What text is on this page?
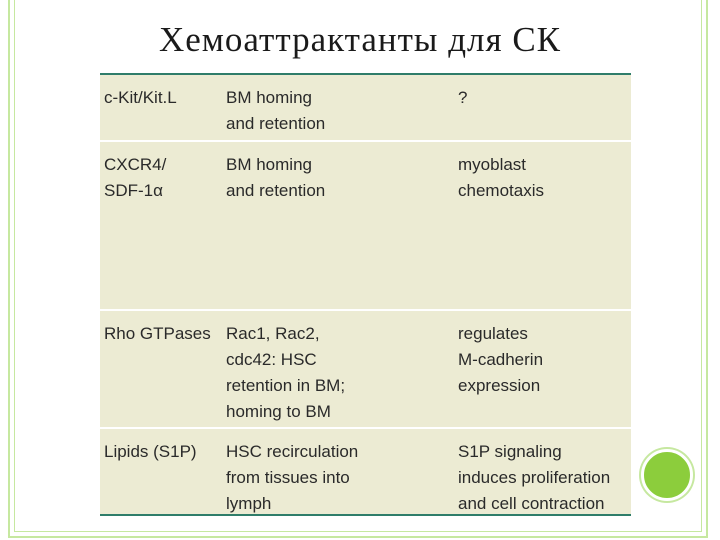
Хемоаттрактанты для СК
c-Kit/Kit.L	BM homing
and retention
?
CXCR4/
SDF-1α
BM homing
and retention
myoblast
chemotaxis
Rho GTPases Rac1, Rac2,
cdc42: HSC
retention in BM;
homing to BM
regulates
M-cadherin
expression
Lipids (S1P)	HSC recirculation
from tissues into
lymph
S1P signaling
induces proliferation
and cell contraction
